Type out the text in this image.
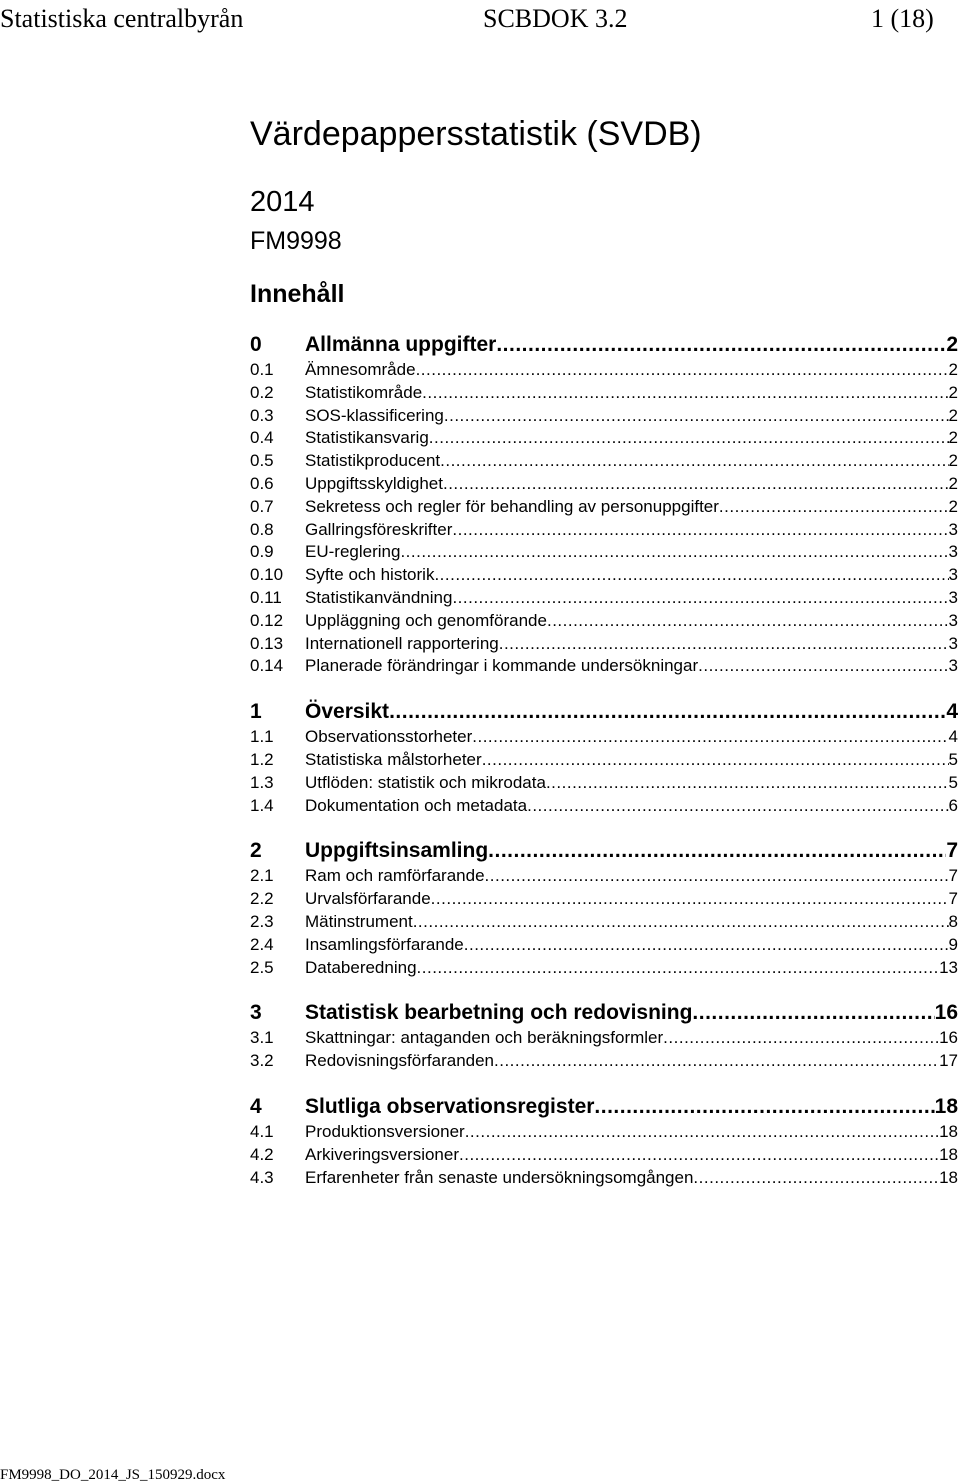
Statistiska centralbyrån	SCBDOK 3.2	1 (18)
Värdepappersstatistik (SVDB)
2014
FM9998
Innehåll
0	Allmänna uppgifter .....	2
0.1	Ämnesområde .....	2
0.2	Statistikområde .....	2
0.3	SOS-klassificering .....	2
0.4	Statistikansvarig .....	2
0.5	Statistikproducent .....	2
0.6	Uppgiftsskyldighet .....	2
0.7	Sekretess och regler för behandling av personuppgifter .....	2
0.8	Gallringsföreskrifter .....	3
0.9	EU-reglering .....	3
0.10	Syfte och historik .....	3
0.11	Statistikanvändning .....	3
0.12	Uppläggning och genomförande .....	3
0.13	Internationell rapportering .....	3
0.14	Planerade förändringar i kommande undersökningar .....	3
1	Översikt .....	4
1.1	Observationsstorheter .....	4
1.2	Statistiska målstorheter .....	5
1.3	Utflöden: statistik och mikrodata .....	5
1.4	Dokumentation och metadata .....	6
2	Uppgiftsinsamling .....	7
2.1	Ram och ramförfarande .....	7
2.2	Urvalsförfarande .....	7
2.3	Mätinstrument .....	8
2.4	Insamlingsförfarande .....	9
2.5	Databeredning .....	13
3	Statistisk bearbetning och redovisning .....	16
3.1	Skattningar: antaganden och beräkningsformler .....	16
3.2	Redovisningsförfaranden .....	17
4	Slutliga observationsregister .....	18
4.1	Produktionsversioner .....	18
4.2	Arkiveringsversioner .....	18
4.3	Erfarenheter från senaste undersökningsomgången .....	18
FM9998_DO_2014_JS_150929.docx
